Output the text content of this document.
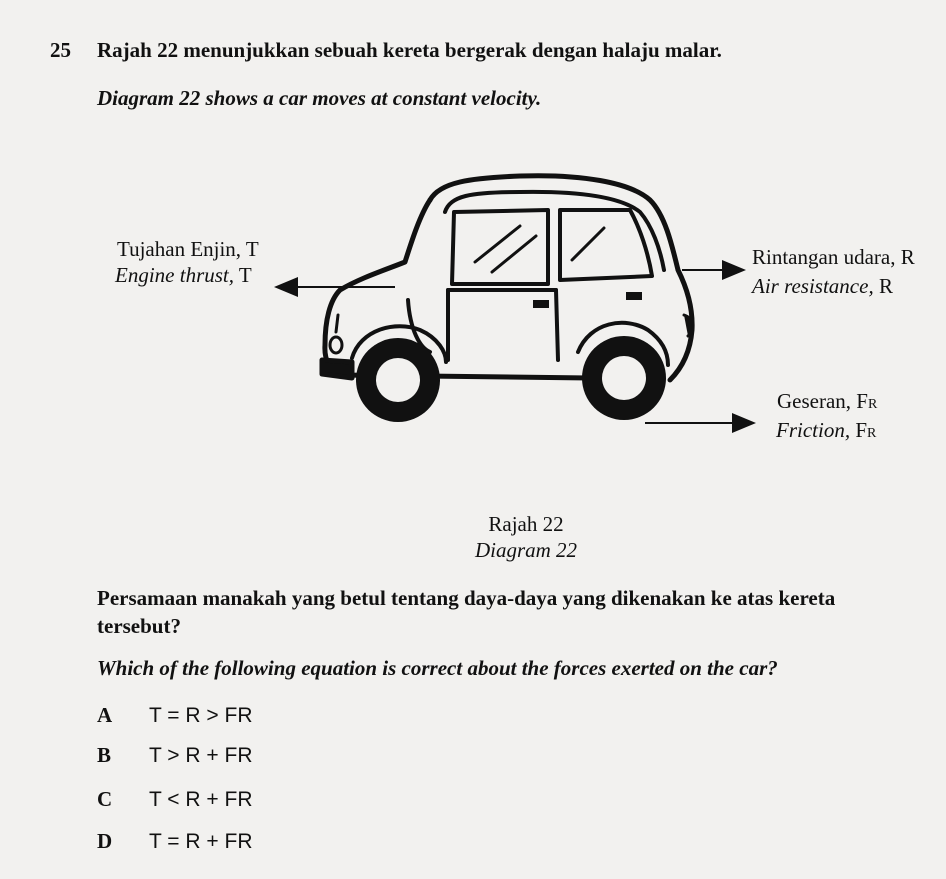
25 Rajah 22 menunjukkan sebuah kereta bergerak dengan halaju malar.
Diagram 22 shows a car moves at constant velocity.
Tujahan Enjin, T
Engine thrust, T
Rintangan udara, R
Air resistance, R
Geseran, FR
Friction, FR
Rajah 22
Diagram 22
Persamaan manakah yang betul tentang daya-daya yang dikenakan ke atas kereta tersebut?
Which of the following equation is correct about the forces exerted on the car?
A T = R > FR
B T > R + FR
C T < R + FR
D T = R + FR
